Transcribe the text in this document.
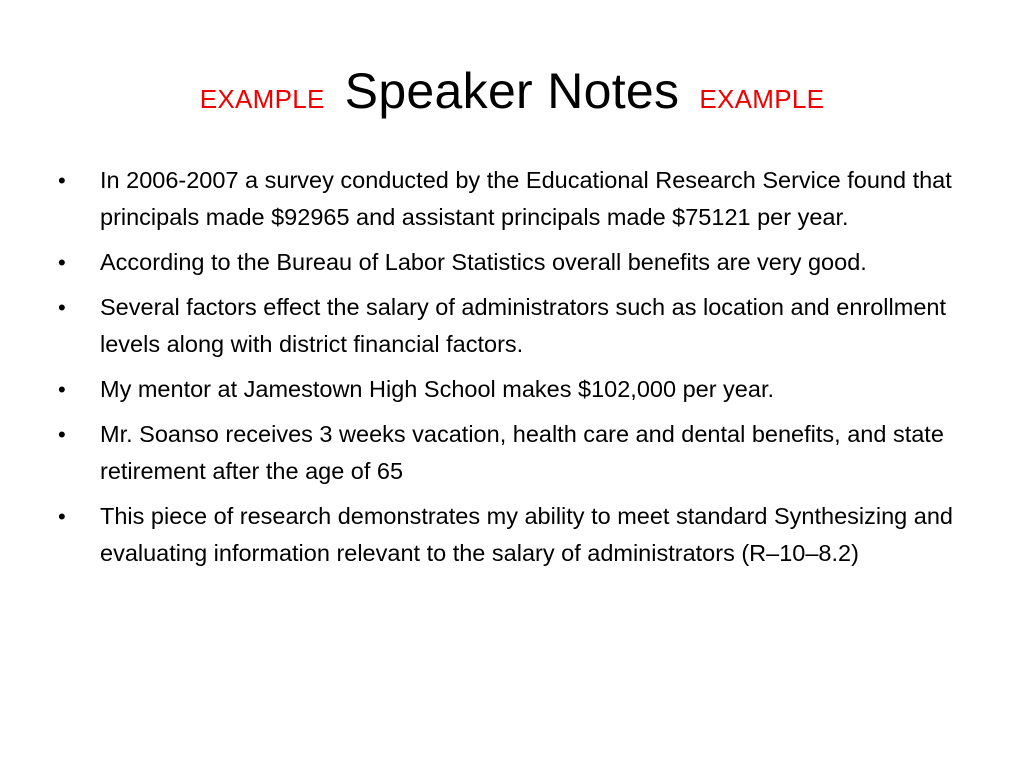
EXAMPLE Speaker Notes EXAMPLE
•	In 2006-2007 a survey conducted by the Educational Research Service found that principals made $92965 and assistant principals made $75121 per year.
•	According to the Bureau of Labor Statistics overall benefits are very good.
•	Several factors effect the salary of administrators such as location and enrollment levels along with district financial factors.
•	My mentor at Jamestown High School makes $102,000 per year.
•	Mr. Soanso receives 3 weeks vacation, health care and dental benefits, and state retirement after the age of 65
•	This piece of research demonstrates my ability to meet standard Synthesizing and evaluating information relevant to the salary of administrators (R–10–8.2)
